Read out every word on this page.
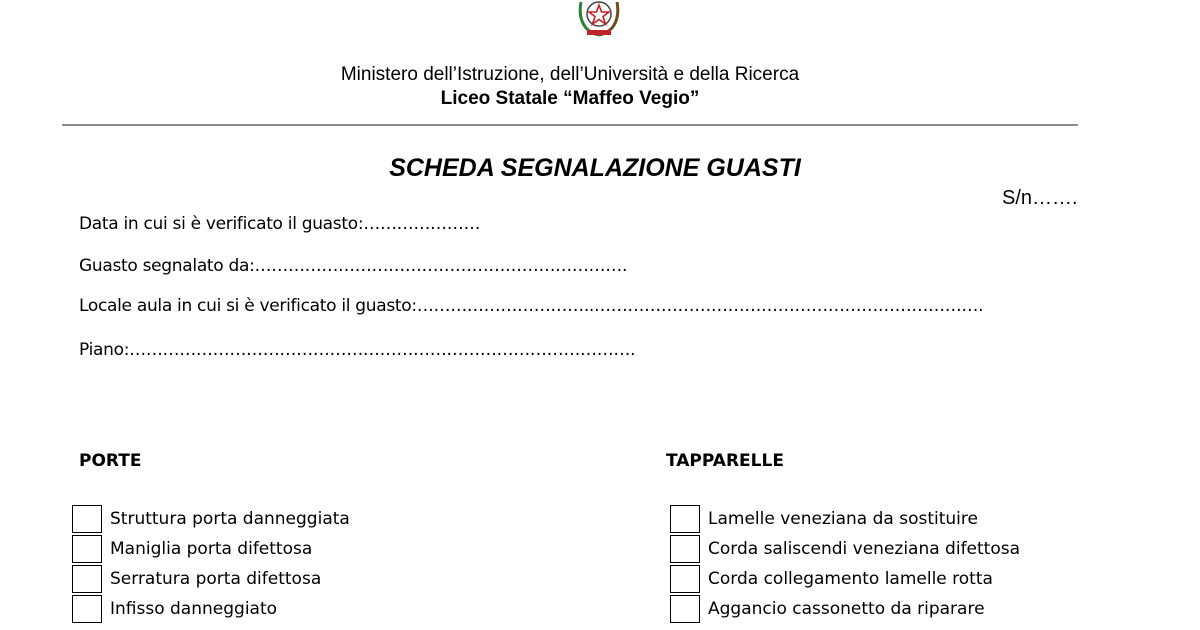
Ministero dell’Istruzione, dell’Università e della Ricerca
Liceo Statale “Maffeo Vegio”
SCHEDA SEGNALAZIONE GUASTI
S/n…….
Data in cui si è verificato il guasto:…………………
Guasto segnalato da:………………………………………………………….
Locale aula in cui si è verificato il guasto:…………………………..…………………………………………………………….
Piano:……………………………………………………………………………….
PORTE	TAPPARELLE
Struttura porta danneggiata
Maniglia porta difettosa
Serratura porta difettosa
Infisso danneggiato
Lamelle veneziana da sostituire
Corda saliscendi veneziana difettosa
Corda collegamento lamelle rotta
Aggancio cassonetto da riparare
